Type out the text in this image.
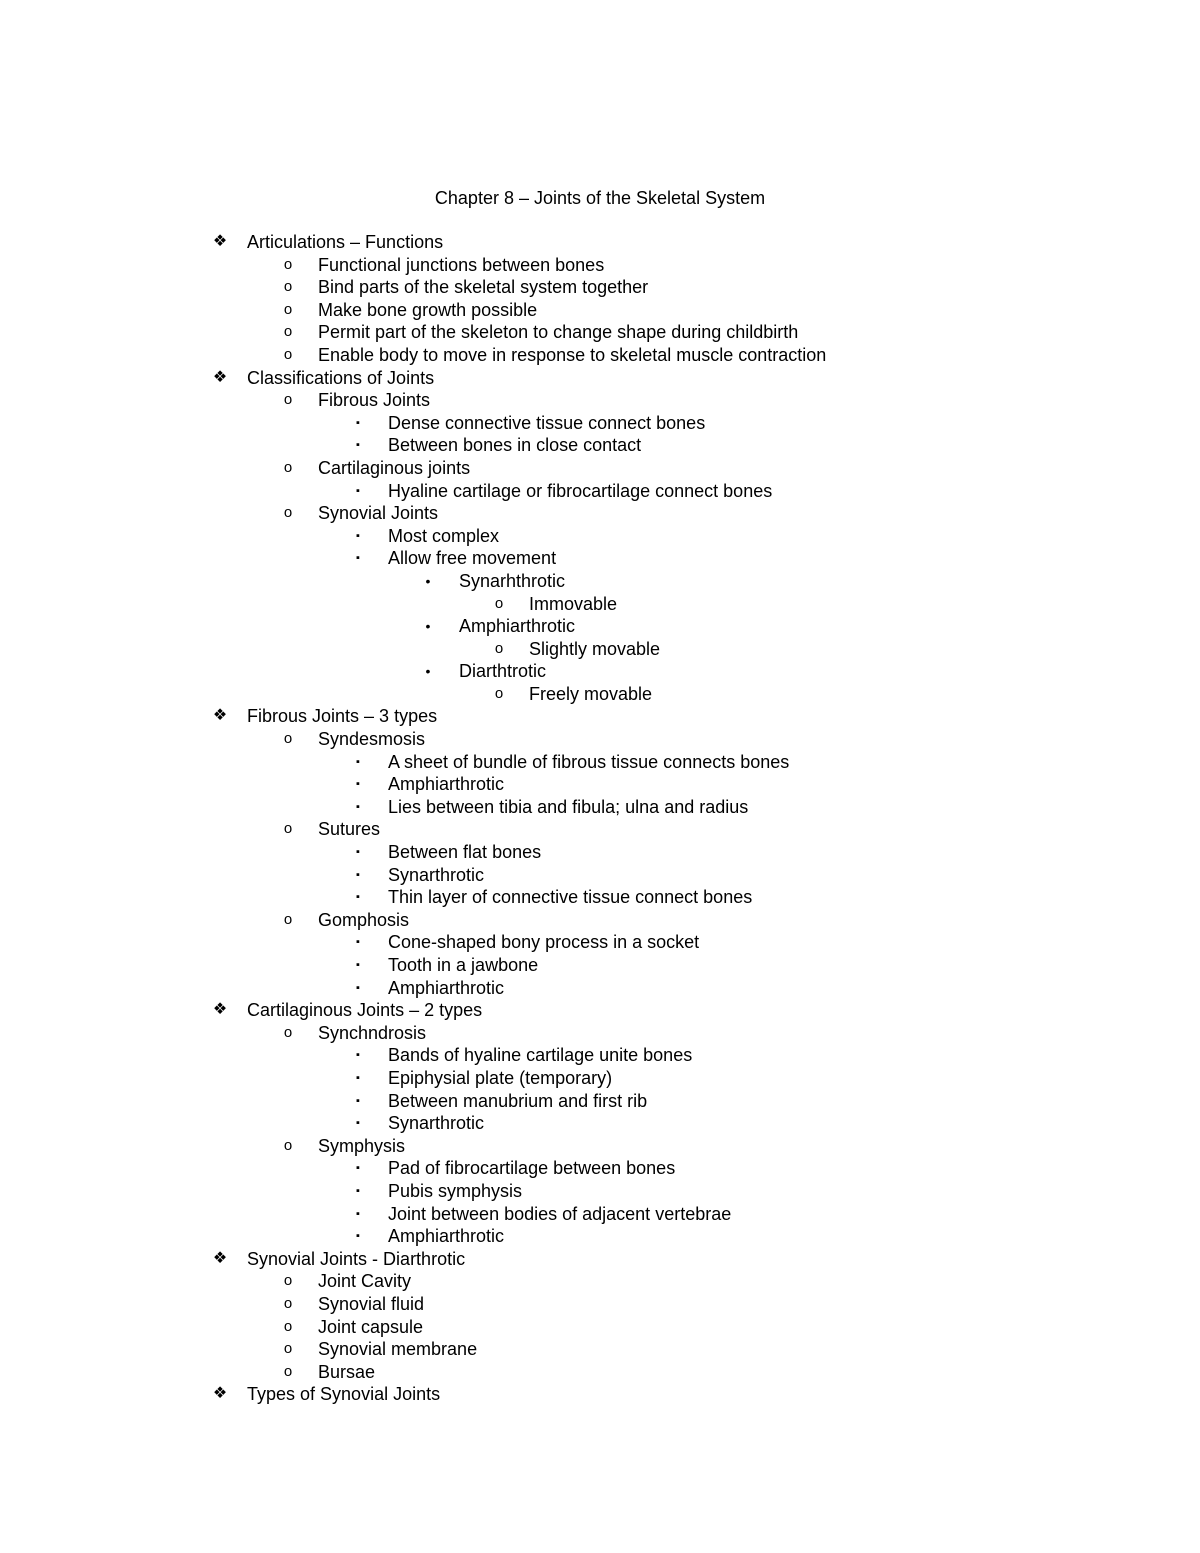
Chapter 8 – Joints of the Skeletal System
❖ Articulations – Functions
o Functional junctions between bones
o Bind parts of the skeletal system together
o Make bone growth possible
o Permit part of the skeleton to change shape during childbirth
o Enable body to move in response to skeletal muscle contraction
❖ Classifications of Joints
o Fibrous Joints
▪	Dense connective tissue connect bones
▪	Between bones in close contact
o Cartilaginous joints
▪	Hyaline cartilage or fibrocartilage connect bones
o Synovial Joints
▪	Most complex
▪	Allow free movement
•	Synarhthrotic
o Immovable
•	Amphiarthrotic
o Slightly movable
•	Diarthtrotic
o Freely movable
❖ Fibrous Joints – 3 types
o Syndesmosis
▪	A sheet of bundle of fibrous tissue connects bones
▪	Amphiarthrotic
▪	Lies between tibia and fibula; ulna and radius
o Sutures
▪	Between flat bones
▪	Synarthrotic
▪	Thin layer of connective tissue connect bones
o Gomphosis
▪	Cone-shaped bony process in a socket
▪	Tooth in a jawbone
▪	Amphiarthrotic
❖ Cartilaginous Joints – 2 types
o Synchndrosis
▪	Bands of hyaline cartilage unite bones
▪	Epiphysial plate (temporary)
▪	Between manubrium and first rib
▪	Synarthrotic
o Symphysis
▪	Pad of fibrocartilage between bones
▪	Pubis symphysis
▪	Joint between bodies of adjacent vertebrae
▪	Amphiarthrotic
❖ Synovial Joints - Diarthrotic
o Joint Cavity
o Synovial fluid
o Joint capsule
o Synovial membrane
o Bursae
❖ Types of Synovial Joints
